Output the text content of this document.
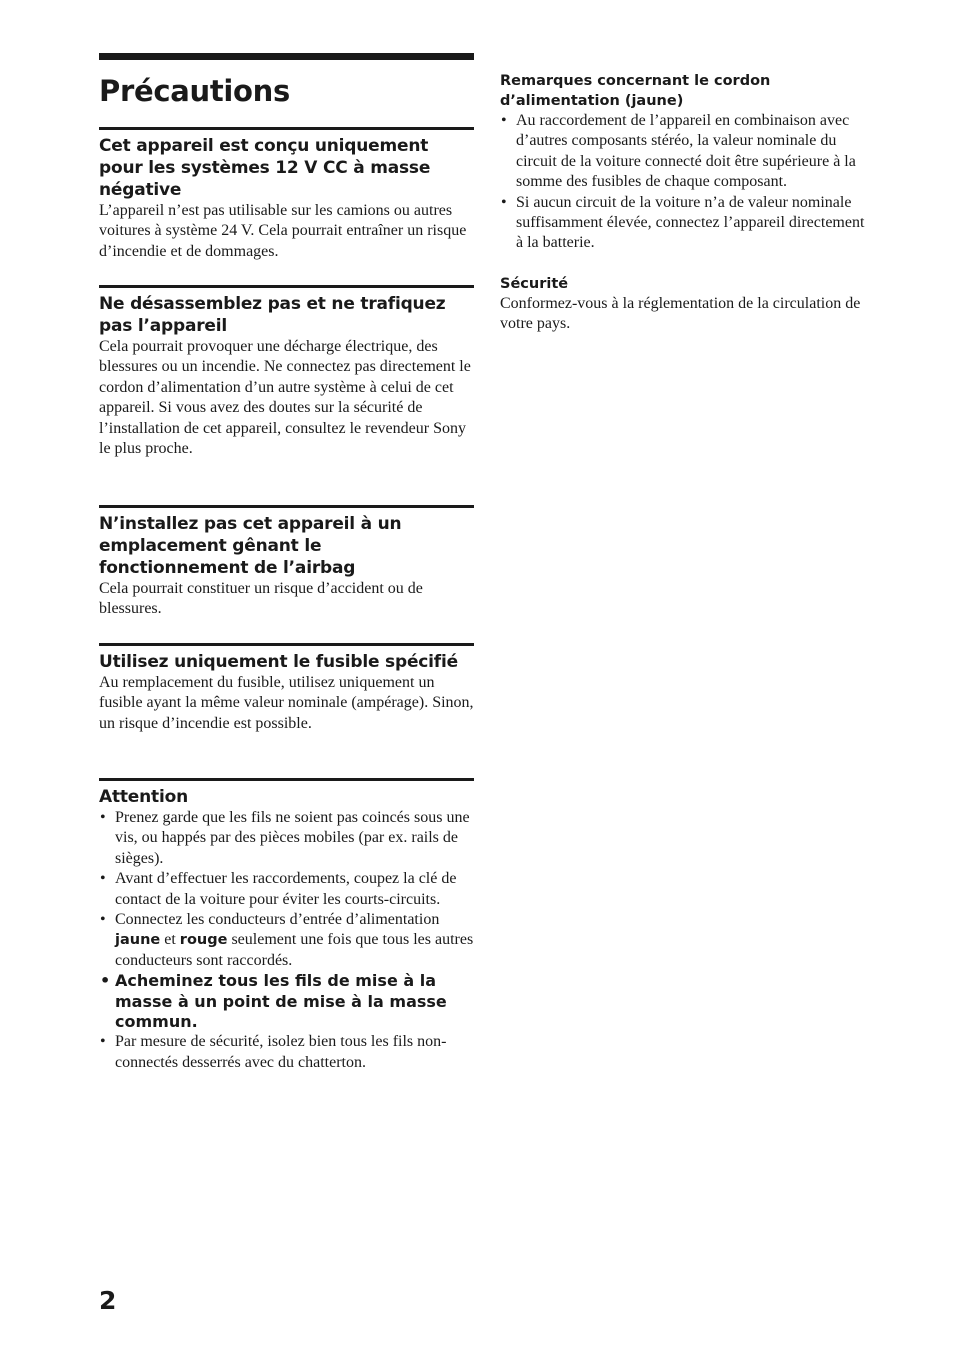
Précautions
Cet appareil est conçu uniquement pour les systèmes 12 V CC à masse négative

L’appareil n’est pas utilisable sur les camions ou autres voitures à système 24 V. Cela pourrait entraîner un risque d’incendie et de dommages.

Ne désassemblez pas et ne trafiquez pas l’appareil

Cela pourrait provoquer une décharge électrique, des blessures ou un incendie. Ne connectez pas directement le cordon d’alimentation d’un autre système à celui de cet appareil. Si vous avez des doutes sur la sécurité de l’installation de cet appareil, consultez le revendeur Sony le plus proche.

N’installez pas cet appareil à un emplacement gênant le fonctionnement de l’airbag

Cela pourrait constituer un risque d’accident ou de blessures.

Utilisez uniquement le fusible spécifié

Au remplacement du fusible, utilisez uniquement un fusible ayant la même valeur nominale (ampérage). Sinon, un risque d’incendie est possible.

Attention
• Prenez garde que les fils ne soient pas coincés sous une vis, ou happés par des pièces mobiles (par ex. rails de sièges).
• Avant d’effectuer les raccordements, coupez la clé de contact de la voiture pour éviter les courts-circuits.
• Connectez les conducteurs d’entrée d’alimentation jaune et rouge seulement une fois que tous les autres conducteurs sont raccordés.
• Acheminez tous les fils de mise à la masse à un point de mise à la masse commun.
• Par mesure de sécurité, isolez bien tous les fils non-connectés desserrés avec du chatterton.
Remarques concernant le cordon d’alimentation (jaune)
• Au raccordement de l’appareil en combinaison avec d’autres composants stéréo, la valeur nominale du circuit de la voiture connecté doit être supérieure à la somme des fusibles de chaque composant.
• Si aucun circuit de la voiture n’a de valeur nominale suffisamment élevée, connectez l’appareil directement à la batterie.
Sécurité

Conformez-vous à la réglementation de la circulation de votre pays.

2
